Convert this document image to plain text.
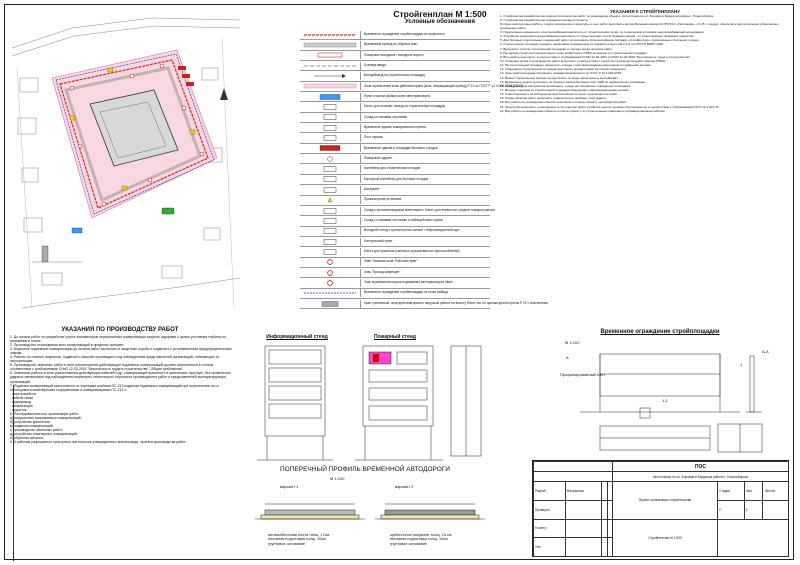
Стройгенплан М 1:500
Условные обозначения
Временное ограждение стройплощадки из профлиста
Временный проезд из сборных плит
Пожарные выходные / въездные ворота
Граница ввода
Въезд/Выезд на строительную площадку
Зона ограничения зоны действия крана (знак, запрещающий проход) Р 21 по ГОСТ Р 12.4.026-2015 (ГОСТ)
Пункт очистки (мойки) колес автотранспорта
Место для стоянки / выезд на строительную площадку
Склад со схемами строповки
Временное здание коммунального пункта
Пост охраны
Временные здания и площадки бытового городка
Пожарный гидрант
Контейнер для строительных отходов
Мусорный контейнер для бытовых отходов
Биотуалет
Прожекторная установка
Склад с противопожарным инвентарем / Место для первичных средств пожаротушения
Склад со схемами строповки и таблицей масс грузов
Въездной стенд с транспортной схемой / Информационный щит
Контрольный пункт
Места для хранения (сменных грузозахватных приспособлений)
Знак "Опасная зона. Работает кран"
Знак "Проход запрещен"
Знак ограничения скорости движения автотранспорта 5км/ч
Временное ограждение стройплощадки из сетки рабицы
Кран гусеничный, зона действия крана с загрузкой работа на высоту более 4м, по циклам длина стрелы Р 21 с пояснением
УКАЗАНИЯ К СТРОЙГЕНПЛАНУ

1. Стройгенплан разработан на период строительства работ по возведению объекта: Автостоянка на ул. Боровая в Бердском районе г. Новосибирска.

2. Стройгенплан разработан на основании основного проекта.

Погрузо-разгрузочные работы, подачу материалов и арматуры в зону работ выполнять автомобильным краном КС-55713-1 «Галичанин», г/п 25 т, следует обеспечить кругом кольцом и безопасное проведение работ.

3. Подключение временного электроснабжения выполнить от существующих сетей, по техническим условиям энергоснабжающей организации.

4. Устройство временного водоснабжения выполнить от существующих сетей. Пожаротушение - от существующих пожарных гидрантов.

5. Для бытовых строительных помещений работ использовать блок-контейнеры поставки «Стройресурс», приписанные к бытовому городку.

6. Строительную площадку оградить временным ограждением из профлиста высотой 2,0 м по ГОСТ Р 58967-2020.

7. Выполнить очистку строительной площадки от мусора перед началом работ.

8. На период строительства выполнить пункт мойки колес (ПМК) на выезде со строительной площадки.

9. Все работы выполнять в соответствии с требованиями СНиП 12-03-2001 и СНиП 12-04-2002 "Безопасность труда в строительстве".

10. Установку крана и производство работ выполнять в соответствии с проектом производства работ краном (ППРк).

11. На строительной площадке разместить стенды с противопожарным инвентарем и пожарными щитами.

12. Освещение строительной площадки выполнить прожекторами на опорах освещения.

13. Зоны действия крана обозначить знаками безопасности по ГОСТ Р 12.4.026-2015.

14. Вывоз строительного мусора осуществлять по мере накопления в контейнерах.

15. Временные дороги выполнить из сборных железобетонных плит ПДН по щебеночному основанию.

16. Складирование материалов производить только на специально отведенных площадках.

17. Въезды и выезды со строительной площадки оборудовать информационными щитами.

18. Ответственность за соблюдение мер безопасности несет производитель работ.

19. Перед началом работ выполнить геодезическую разбивку осей здания.

20. Все работы по возведению объекта выполнять согласно проекту производства работ.

21. Электробезопасность и освещенность на участках работ и рабочих местах должны обеспечиваться в соответствии с требованиями ГОСТ 12.1.013-78.

22. Все работы по возведению объекта согласно проекту по строительным правилам и производственным работам.

УКАЗАНИЯ ПО ПРОИЗВОДСТВУ РАБОТ

1. До начала работ по разработке грунта экскаватором перекопанные коммуникации вскрыть шурфами с целью уточнения глубины их заложения в плане.

2. Производство откапывания всех коммуникаций в пределах траншеи.

3. Вскрытые подземные коммуникации до начала работ заключить в защитные короба и подвесить к установленным предупредительным знакам.

4. Работы по откопке, вскрытию, подвеске и засыпке производить под наблюдением представителей организаций, отвечающих за эксплуатацию.

5. Производство земляных работ в зоне расположения действующих подземных коммуникаций должно выполняться в точном соответствии с требованиями СНиП 12-03-2001 "Безопасность труда в строительстве". Общие требования".

6. Земляные работы в зоне расположения действующих кабелей и др. коммуникаций выполнять в креплениях, вручную, без применения ударных механизмов под наблюдением инженерно-технического персонала производителя работ и представителей эксплуатирующих организаций.

7. Подвеска коммуникаций выполняется по чертежам альбома ПС-213 подвески подземных коммуникаций при пересечении их со строящимися инженерными сооружениями и коммуникациями ПС-213 л:

- электрокабели

- кабели связи

- водопровод

- канализация

- водосток.

8. Последовательность организации работ:

а) нарушенных вскрываемых коммуникаций;

б) устройство крепления;

в) подвеска коммуникаций;

г) производство земляных работ;

д) устройство инженерных коммуникаций;

е) обратная засыпка.

9. К работам разрешается приступать при наличии утвержденного землеотвода, проекта производства работ.

Информационный стенд	Пожарный стенд
ПОПЕРЕЧНЫЙ ПРОФИЛЬ ВРЕМЕННОЙ АВТОДОРОГИ
М 1:100
вариант 1	вариант 2
железобетонная плита толщ. 17см
песчаная подготовка толщ. 10см
грунтовое основание
щебеночное покрытие толщ. 15 см
песчаная подготовка толщ. 10см
грунтовое основание
Временное ограждение стройплощадки
М 1:100
Профилированный лист
А-А
1-1
А
1
				ПОС			
				Автостоянка по ул. Боровая в Бердском районе г. Новосибирска			
Разраб.	Малашенко			Проект организации строительства	Стадия	Лист	Листов
Проверил					П	2	
Н.контр.				Стройгенплан М 1:500			
Утв.							
